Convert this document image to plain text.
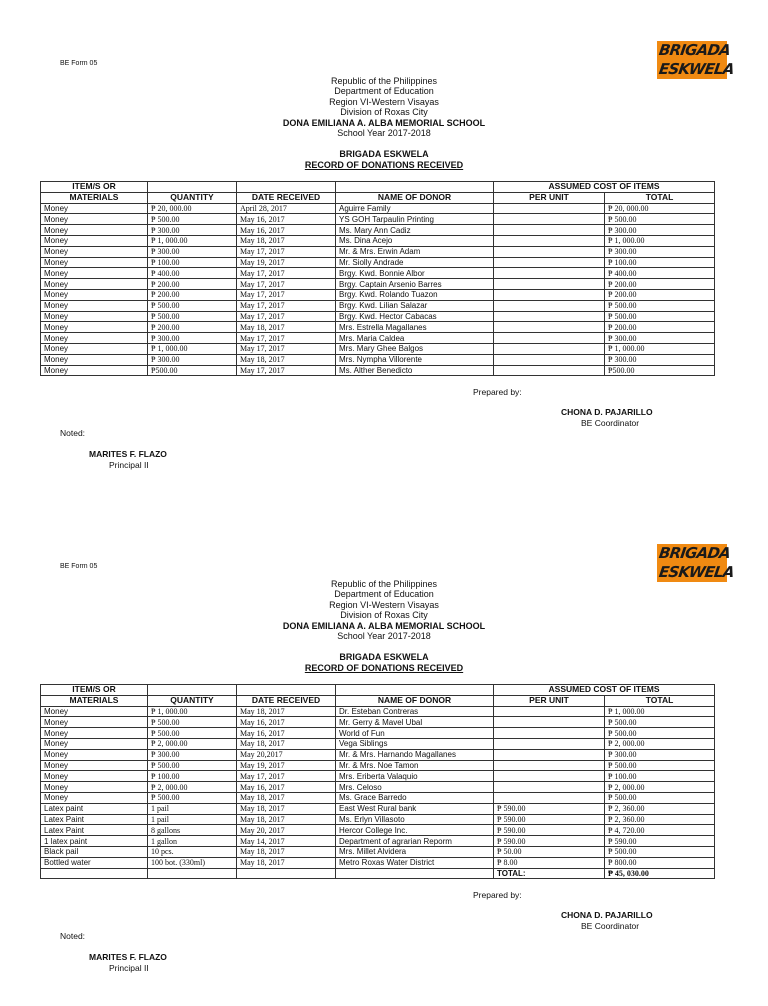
BE Form 05
BRIGADA
ESKWELA
Republic of the Philippines
Department of Education
Region VI-Western Visayas
Division of Roxas City
DONA EMILIANA A. ALBA MEMORIAL SCHOOL
School Year 2017-2018
BRIGADA ESKWELA
RECORD OF DONATIONS RECEIVED
ITEM/S OR				ASSUMED COST OF ITEMS	
MATERIALS	QUANTITY	DATE RECEIVED	NAME OF DONOR	PER UNIT	TOTAL
Money	₱ 20, 000.00	April 28, 2017	Aguirre Family		₱ 20, 000.00
Money	₱ 500.00	May 16, 2017	YS GOH Tarpaulin Printing		₱ 500.00
Money	₱ 300.00	May 16, 2017	Ms. Mary Ann Cadiz		₱ 300.00
Money	₱ 1, 000.00	May 18, 2017	Ms. Dina Acejo		₱ 1, 000.00
Money	₱ 300.00	May 17, 2017	Mr. & Mrs. Erwin Adam		₱ 300.00
Money	₱ 100.00	May 19, 2017	Mr. Siolly Andrade		₱ 100.00
Money	₱ 400.00	May 17, 2017	Brgy. Kwd. Bonnie Albor		₱ 400.00
Money	₱ 200.00	May 17, 2017	Brgy. Captain Arsenio Barres		₱ 200.00
Money	₱ 200.00	May 17, 2017	Brgy. Kwd. Rolando Tuazon		₱ 200.00
Money	₱ 500.00	May 17, 2017	Brgy. Kwd. Lilian Salazar		₱ 500.00
Money	₱ 500.00	May 17, 2017	Brgy. Kwd. Hector Cabacas		₱ 500.00
Money	₱ 200.00	May 18, 2017	Mrs. Estrella Magallanes		₱ 200.00
Money	₱ 300.00	May 17, 2017	Mrs. Maria Caldea		₱ 300.00
Money	₱ 1, 000.00	May 17, 2017	Mrs. Mary Ghee Balgos		₱ 1, 000.00
Money	₱ 300.00	May 18, 2017	Mrs. Nympha Villorente		₱ 300.00
Money	₱500.00	May 17, 2017	Ms. Alther Benedicto		₱500.00
Prepared by:
CHONA D. PAJARILLO
BE Coordinator
Noted:
MARITES F. FLAZO
Principal II
BE Form 05
BRIGADA
ESKWELA
Republic of the Philippines
Department of Education
Region VI-Western Visayas
Division of Roxas City
DONA EMILIANA A. ALBA MEMORIAL SCHOOL
School Year 2017-2018
BRIGADA ESKWELA
RECORD OF DONATIONS RECEIVED
ITEM/S OR				ASSUMED COST OF ITEMS	
MATERIALS	QUANTITY	DATE RECEIVED	NAME OF DONOR	PER UNIT	TOTAL
Money	₱ 1, 000.00	May 18, 2017	Dr. Esteban Contreras		₱ 1, 000.00
Money	₱ 500.00	May 16, 2017	Mr. Gerry & Mavel Ubal		₱ 500.00
Money	₱ 500.00	May 16, 2017	World of Fun		₱ 500.00
Money	₱ 2, 000.00	May 18, 2017	Vega Siblings		₱ 2, 000.00
Money	₱ 300.00	May 20,2017	Mr. & Mrs. Harnando Magallanes		₱ 300.00
Money	₱ 500.00	May 19, 2017	Mr. & Mrs. Noe Tamon		₱ 500.00
Money	₱ 100.00	May 17, 2017	Mrs. Eriberta Valaquio		₱ 100.00
Money	₱ 2, 000.00	May 16, 2017	Mrs. Celoso		₱ 2, 000.00
Money	₱ 500.00	May 18, 2017	Ms. Grace Barredo		₱ 500.00
Latex paint	1 pail	May 18, 2017	East West Rural bank	₱ 590.00	₱ 2, 360.00
Latex Paint	1 pail	May 18, 2017	Ms. Erlyn Villasoto	₱ 590.00	₱ 2, 360.00
Latex Paint	8 gallons	May 20, 2017	Hercor College Inc.	₱ 590.00	₱ 4, 720.00
1 latex paint	1 gallon	May 14, 2017	Department of agrarian Reporm	₱ 590.00	₱ 590.00
Black pail	10 pcs.	May 18, 2017	Mrs. Millet Alvidera	₱ 50.00	₱ 500.00
Bottled water	100 bot. (330ml)	May 18, 2017	Metro Roxas Water District	₱ 8.00	₱ 800.00
				TOTAL:	₱ 45, 030.00
Prepared by:
CHONA D. PAJARILLO
BE Coordinator
Noted:
MARITES F. FLAZO
Principal II
